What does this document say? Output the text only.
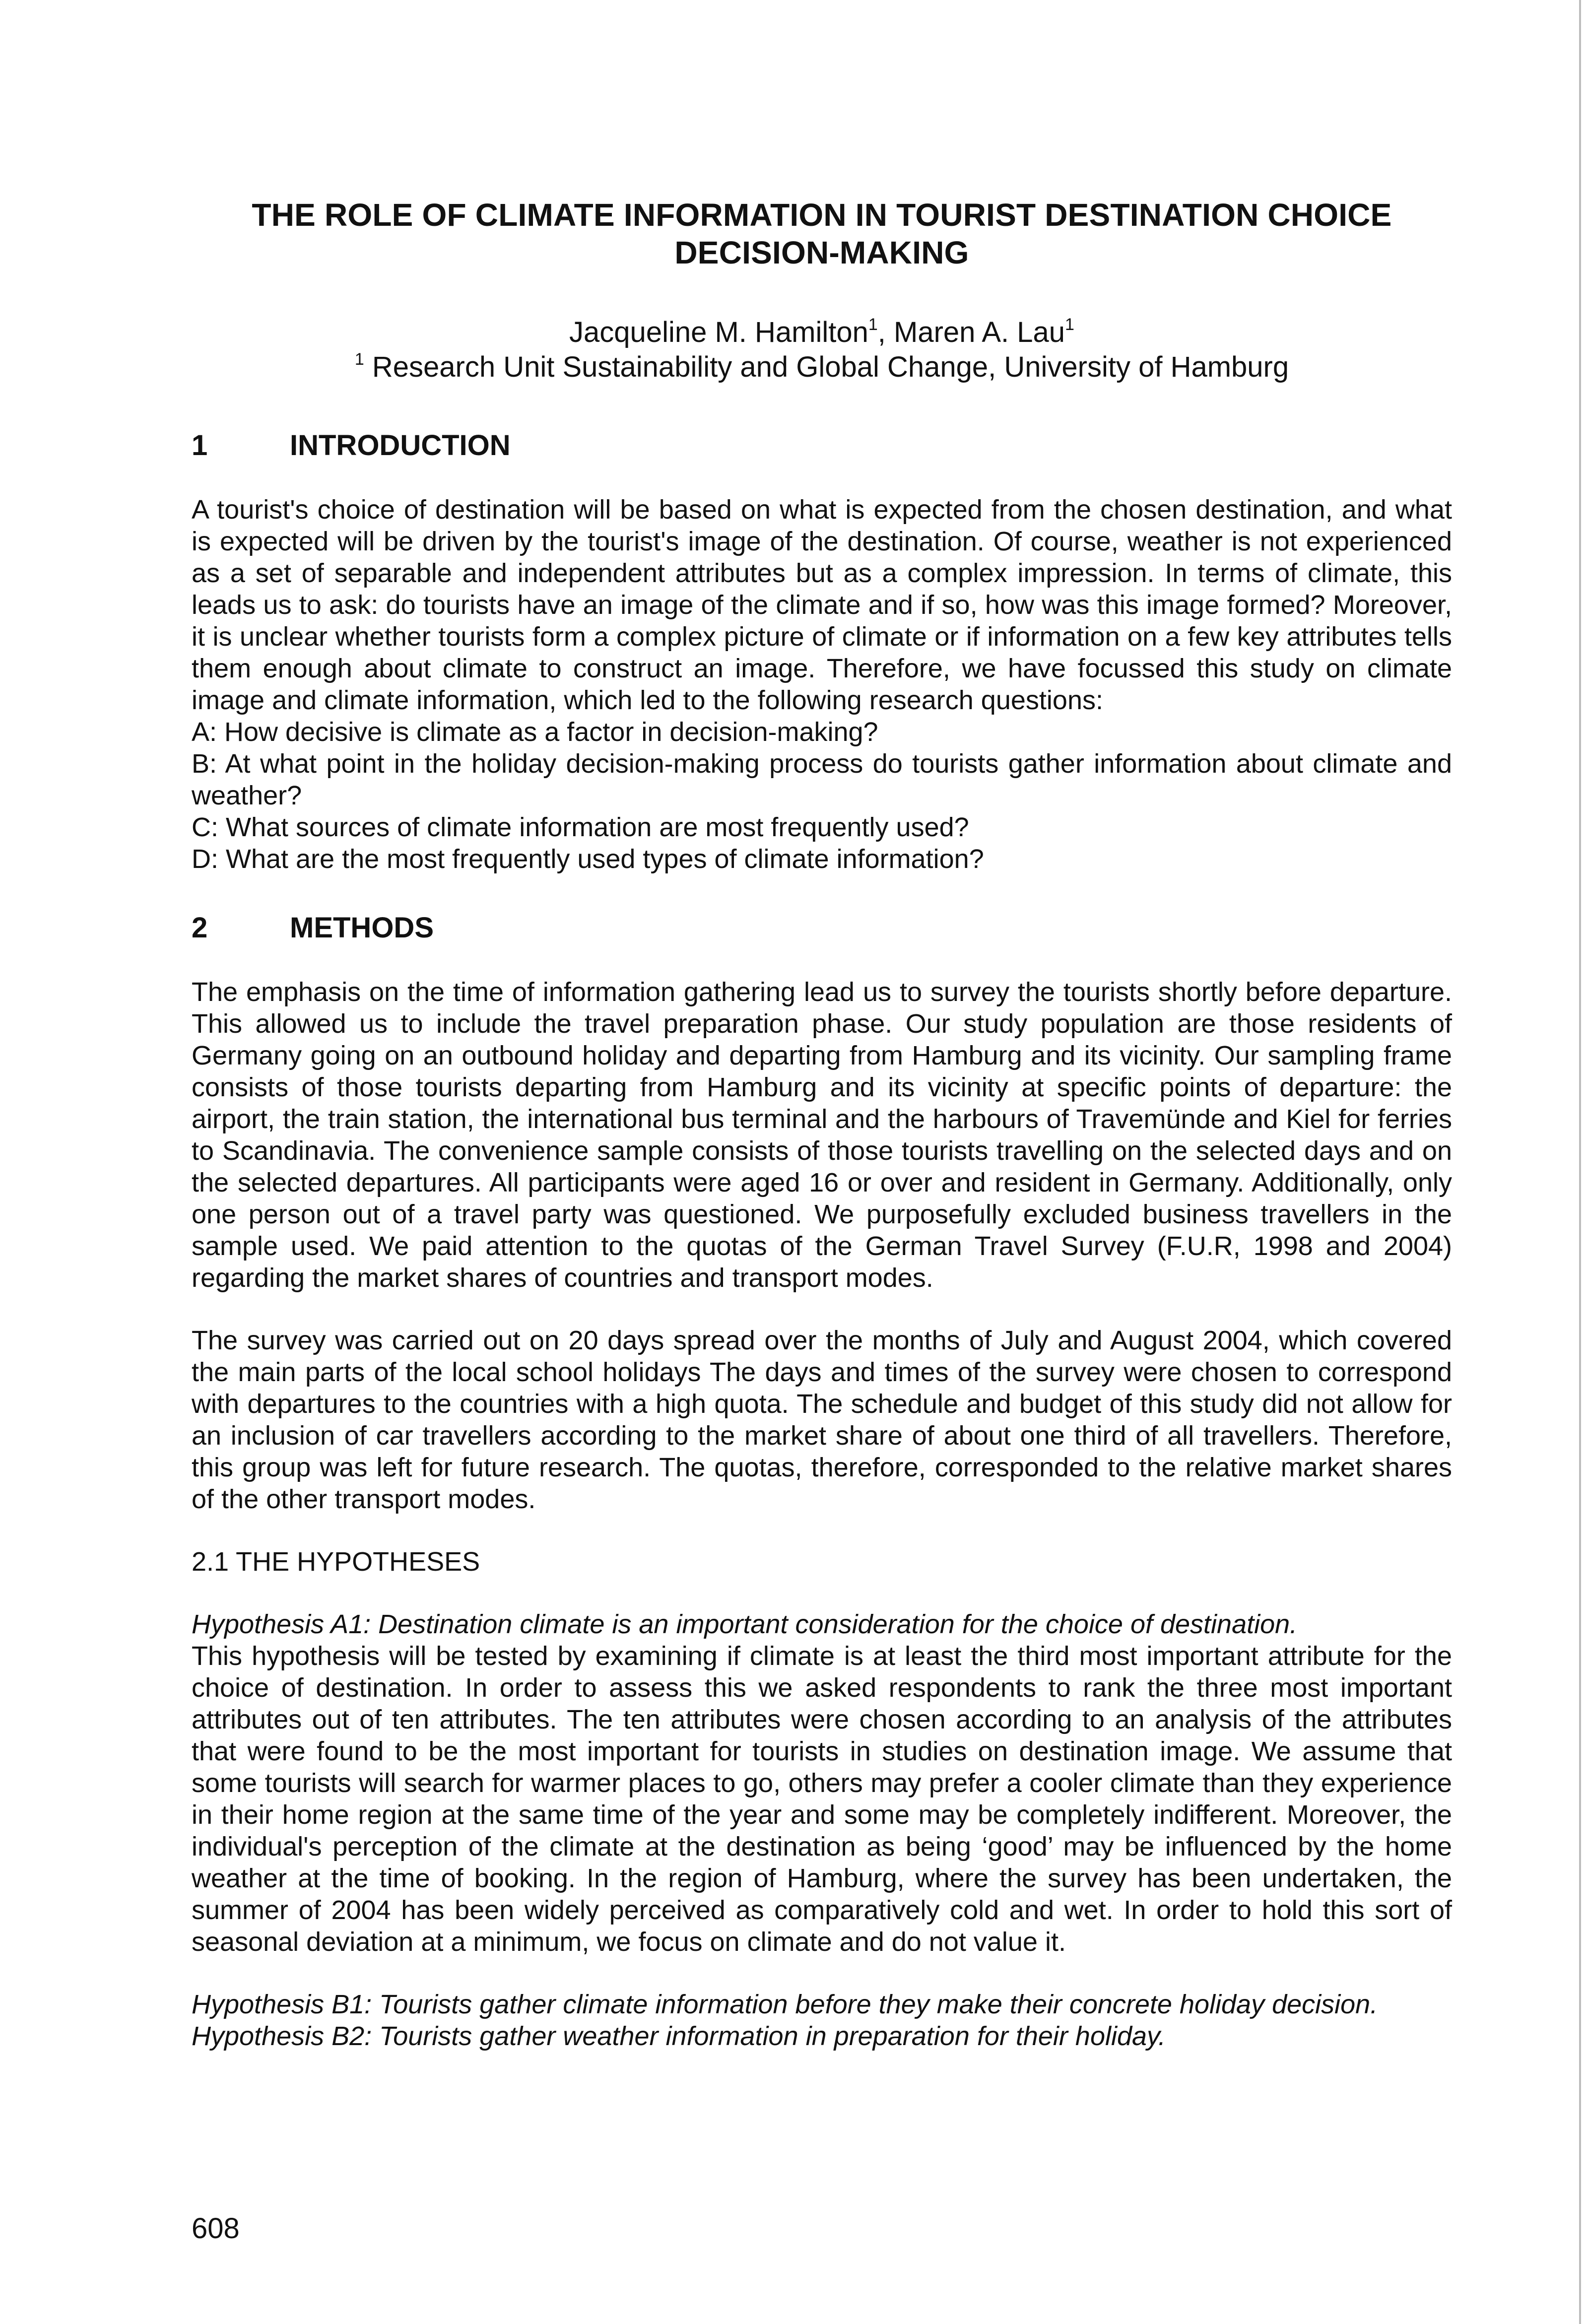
THE ROLE OF CLIMATE INFORMATION IN TOURIST DESTINATION CHOICE
DECISION-MAKING
Jacqueline M. Hamilton$^1$, Maren A. Lau$^1$
$^1$ Research Unit Sustainability and Global Change, University of Hamburg
1	INTRODUCTION

A tourist's choice of destination will be based on what is expected from the chosen destination, and what is expected will be driven by the tourist's image of the destination. Of course, weather is not experienced as a set of separable and independent attributes but as a complex impression. In terms of climate, this leads us to ask: do tourists have an image of the climate and if so, how was this image formed? Moreover, it is unclear whether tourists form a complex picture of climate or if information on a few key attributes tells them enough about climate to construct an image. Therefore, we have focussed this study on climate image and climate information, which led to the following research questions:

A: How decisive is climate as a factor in decision-making?

B: At what point in the holiday decision-making process do tourists gather information about climate and weather?

C: What sources of climate information are most frequently used?

D: What are the most frequently used types of climate information?

2	METHODS

The emphasis on the time of information gathering lead us to survey the tourists shortly before departure. This allowed us to include the travel preparation phase. Our study population are those residents of Germany going on an outbound holiday and departing from Hamburg and its vicinity. Our sampling frame consists of those tourists departing from Hamburg and its vicinity at specific points of departure: the airport, the train station, the international bus terminal and the harbours of Travemünde and Kiel for ferries to Scandinavia. The convenience sample consists of those tourists travelling on the selected days and on the selected departures. All participants were aged 16 or over and resident in Germany. Additionally, only one person out of a travel party was questioned. We purposefully excluded business travellers in the sample used. We paid attention to the quotas of the German Travel Survey (F.U.R, 1998 and 2004) regarding the market shares of countries and transport modes.

The survey was carried out on 20 days spread over the months of July and August 2004, which covered the main parts of the local school holidays The days and times of the survey were chosen to correspond with departures to the countries with a high quota. The schedule and budget of this study did not allow for an inclusion of car travellers according to the market share of about one third of all travellers. Therefore, this group was left for future research. The quotas, therefore, corresponded to the relative market shares of the other transport modes.

2.1 THE HYPOTHESES

Hypothesis A1: Destination climate is an important consideration for the choice of destination.

This hypothesis will be tested by examining if climate is at least the third most important attribute for the choice of destination. In order to assess this we asked respondents to rank the three most important attributes out of ten attributes. The ten attributes were chosen according to an analysis of the attributes that were found to be the most important for tourists in studies on destination image. We assume that some tourists will search for warmer places to go, others may prefer a cooler climate than they experience in their home region at the same time of the year and some may be completely indifferent. Moreover, the individual's perception of the climate at the destination as being ‘good’ may be influenced by the home weather at the time of booking. In the region of Hamburg, where the survey has been undertaken, the summer of 2004 has been widely perceived as comparatively cold and wet. In order to hold this sort of seasonal deviation at a minimum, we focus on climate and do not value it.

Hypothesis B1: Tourists gather climate information before they make their concrete holiday decision.

Hypothesis B2: Tourists gather weather information in preparation for their holiday.

608
